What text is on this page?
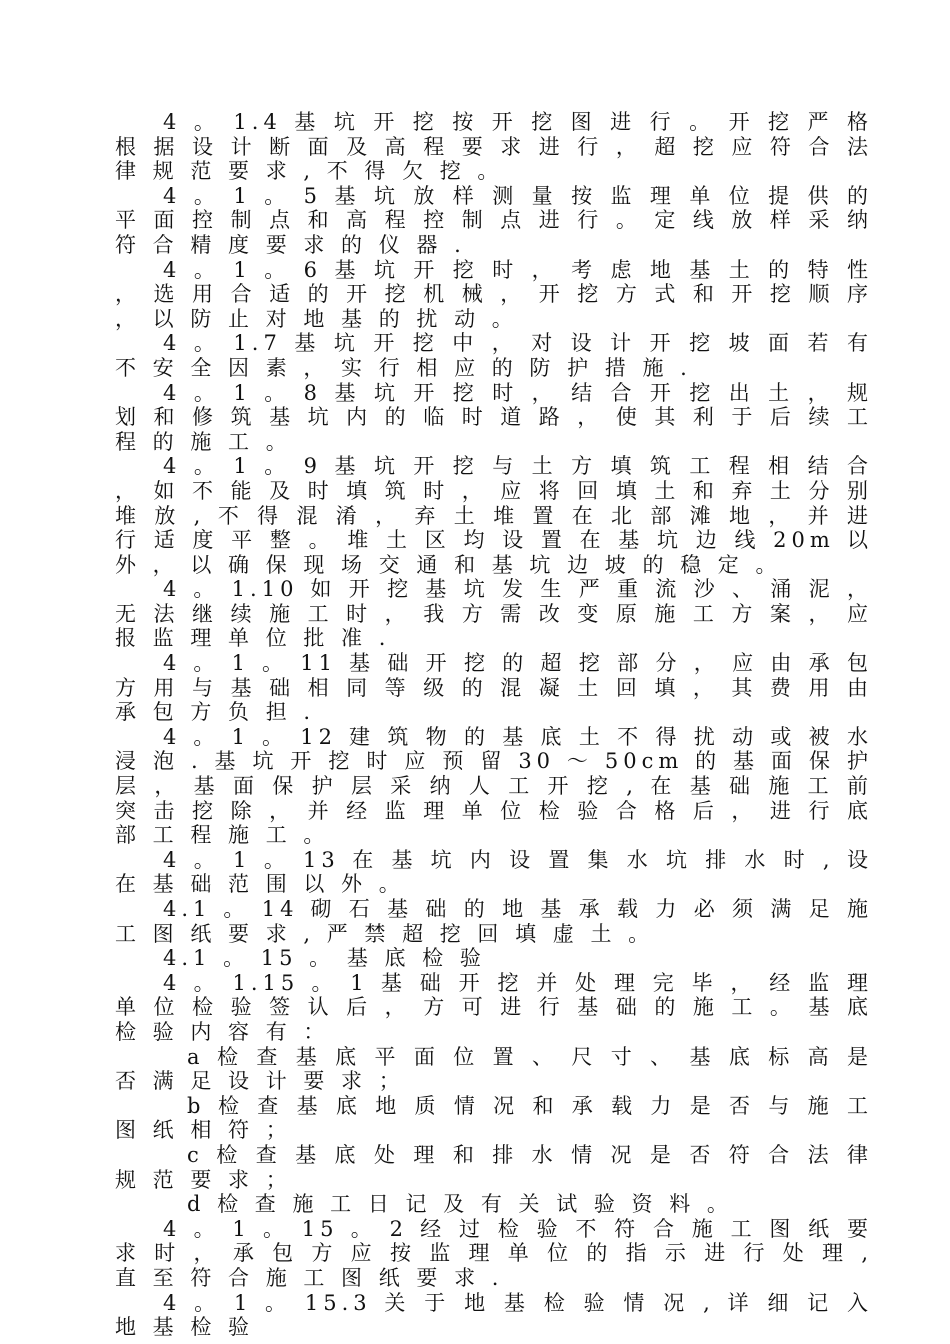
4 。 1.4 基 坑 开 挖 按 开 挖 图 进 行 。 开 挖 严 格 根 据 设 计 断 面 及 高 程 要 求 进 行 ， 超 挖 应 符 合 法 律 规 范 要 求 , 不 得 欠 挖 。

4 。 1 。 5 基 坑 放 样 测 量 按 监 理 单 位 提 供 的 平 面 控 制 点 和 高 程 控 制 点 进 行 。 定 线 放 样 采 纳 符 合 精 度 要 求 的 仪 器 .

4 。 1 。 6 基 坑 开 挖 时 ， 考 虑 地 基 土 的 特 性 ， 选 用 合 适 的 开 挖 机 械 ， 开 挖 方 式 和 开 挖 顺 序 ， 以 防 止 对 地 基 的 扰 动 。

4 。 1.7 基 坑 开 挖 中 ， 对 设 计 开 挖 坡 面 若 有 不 安 全 因 素 ， 实 行 相 应 的 防 护 措 施 .

4 。 1 。 8 基 坑 开 挖 时 ， 结 合 开 挖 出 土 ， 规 划 和 修 筑 基 坑 内 的 临 时 道 路 ， 使 其 利 于 后 续 工 程 的 施 工 。

4 。 1 。 9 基 坑 开 挖 与 土 方 填 筑 工 程 相 结 合 ， 如 不 能 及 时 填 筑 时 ， 应 将 回 填 土 和 弃 土 分 别 堆 放 , 不 得 混 淆 ， 弃 土 堆 置 在 北 部 滩 地 ， 并 进 行 适 度 平 整 。 堆 土 区 均 设 置 在 基 坑 边 线 20m 以 外 ， 以 确 保 现 场 交 通 和 基 坑 边 坡 的 稳 定 。

4 。 1.10 如 开 挖 基 坑 发 生 严 重 流 沙 、 涌 泥 ， 无 法 继 续 施 工 时 ， 我 方 需 改 变 原 施 工 方 案 ， 应 报 监 理 单 位 批 准 .

4 。 1 。 11 基 础 开 挖 的 超 挖 部 分 ， 应 由 承 包 方 用 与 基 础 相 同 等 级 的 混 凝 土 回 填 ， 其 费 用 由 承 包 方 负 担 .

4 。 1 。 12 建 筑 物 的 基 底 土 不 得 扰 动 或 被 水 浸 泡 . 基 坑 开 挖 时 应 预 留 30 ～ 50cm 的 基 面 保 护 层 ， 基 面 保 护 层 采 纳 人 工 开 挖 , 在 基 础 施 工 前 突 击 挖 除 ， 并 经 监 理 单 位 检 验 合 格 后 ， 进 行 底 部 工 程 施 工 。

4 。 1 。 13 在 基 坑 内 设 置 集 水 坑 排 水 时 , 设 在 基 础 范 围 以 外 。

4.1 。 14 砌 石 基 础 的 地 基 承 载 力 必 须 满 足 施 工 图 纸 要 求 , 严 禁 超 挖 回 填 虚 土 。

4.1 。 15 。 基 底 检 验

4 。 1.15 。 1 基 础 开 挖 并 处 理 完 毕 ， 经 监 理 单 位 检 验 签 认 后 ， 方 可 进 行 基 础 的 施 工 。 基 底 检 验 内 容 有 ：

a 检 查 基 底 平 面 位 置 、 尺 寸 、 基 底 标 高 是 否 满 足 设 计 要 求 ；

b 检 查 基 底 地 质 情 况 和 承 载 力 是 否 与 施 工 图 纸 相 符 ；

c 检 查 基 底 处 理 和 排 水 情 况 是 否 符 合 法 律 规 范 要 求 ；

d 检 查 施 工 日 记 及 有 关 试 验 资 料 。

4 。 1 。 15 。 2 经 过 检 验 不 符 合 施 工 图 纸 要 求 时 ， 承 包 方 应 按 监 理 单 位 的 指 示 进 行 处 理 , 直 至 符 合 施 工 图 纸 要 求 .

4 。 1 。 15.3 关 于 地 基 检 验 情 况 , 详 细 记 入 地 基 检 验
